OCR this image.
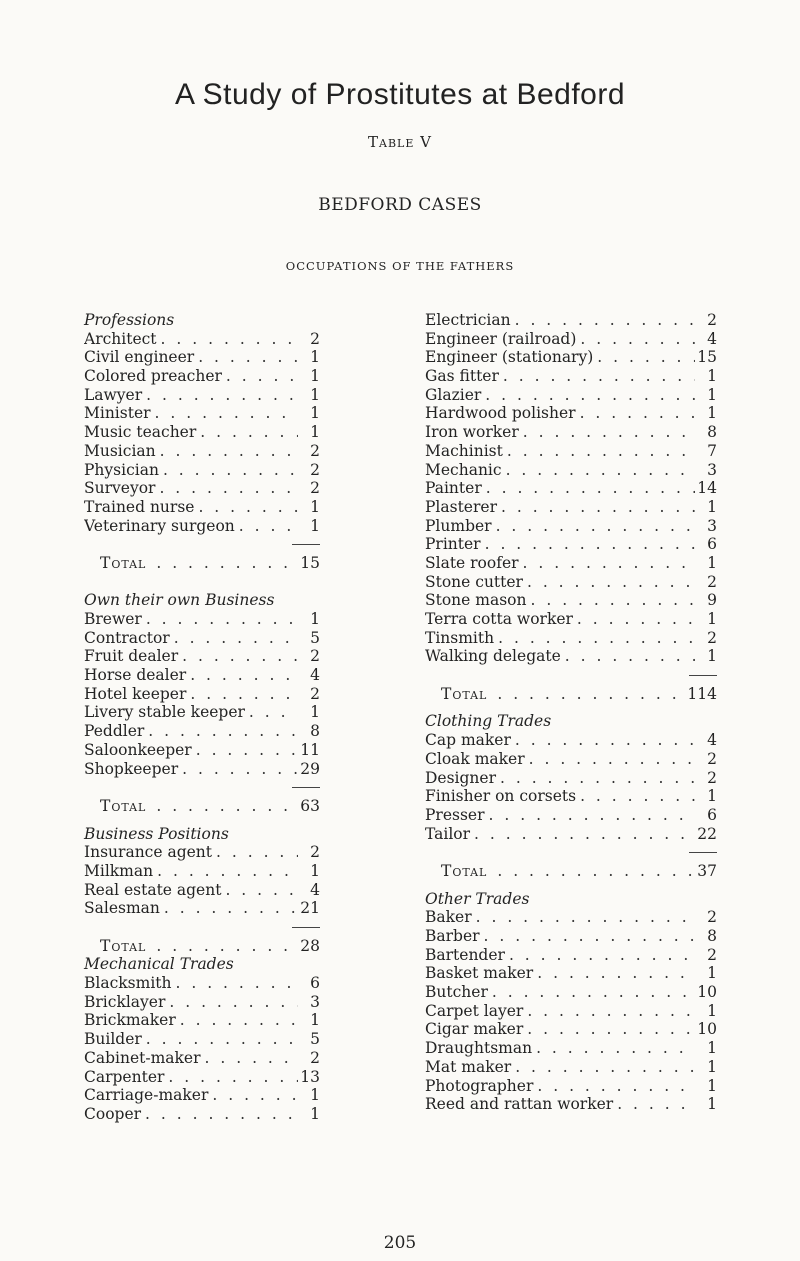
A Study of Prostitutes at Bedford
Table V
BEDFORD CASES
OCCUPATIONS OF THE FATHERS
Professions
Architect . . .	2
Civil engineer . . .	1
Colored preacher . . .	1
Lawyer . . .	1
Minister . . .	1
Music teacher . . .	1
Musician . . .	2
Physician . . .	2
Surveyor . . .	2
Trained nurse . . .	1
Veterinary surgeon . . .	1
Total . . .	15
Own their own Business
Brewer . . .	1
Contractor . . .	5
Fruit dealer . . .	2
Horse dealer . . .	4
Hotel keeper . . .	2
Livery stable keeper . . .	1
Peddler . . .	8
Saloonkeeper . . .	11
Shopkeeper . . .	29
Total . . .	63
Business Positions
Insurance agent . . .	2
Milkman . . .	1
Real estate agent . . .	4
Salesman . . .	21
Total . . .	28
Mechanical Trades
Blacksmith . . .	6
Bricklayer . . .	3
Brickmaker . . .	1
Builder . . .	5
Cabinet-maker . . .	2
Carpenter . . .	13
Carriage-maker . . .	1
Cooper . . .	1
Electrician . . .	2
Engineer (railroad) . . .	4
Engineer (stationary) . . .	15
Gas fitter . . .	1
Glazier . . .	1
Hardwood polisher . . .	1
Iron worker . . .	8
Machinist . . .	7
Mechanic . . .	3
Painter . . .	14
Plasterer . . .	1
Plumber . . .	3
Printer . . .	6
Slate roofer . . .	1
Stone cutter . . .	2
Stone mason . . .	9
Terra cotta worker . . .	1
Tinsmith . . .	2
Walking delegate . . .	1
Total . . .	114
Clothing Trades
Cap maker . . .	4
Cloak maker . . .	2
Designer . . .	2
Finisher on corsets . . .	1
Presser . . .	6
Tailor . . .	22
Total . . .	37
Other Trades
Baker . . .	2
Barber . . .	8
Bartender . . .	2
Basket maker . . .	1
Butcher . . .	10
Carpet layer . . .	1
Cigar maker . . .	10
Draughtsman . . .	1
Mat maker . . .	1
Photographer . . .	1
Reed and rattan worker . . .	1
205
